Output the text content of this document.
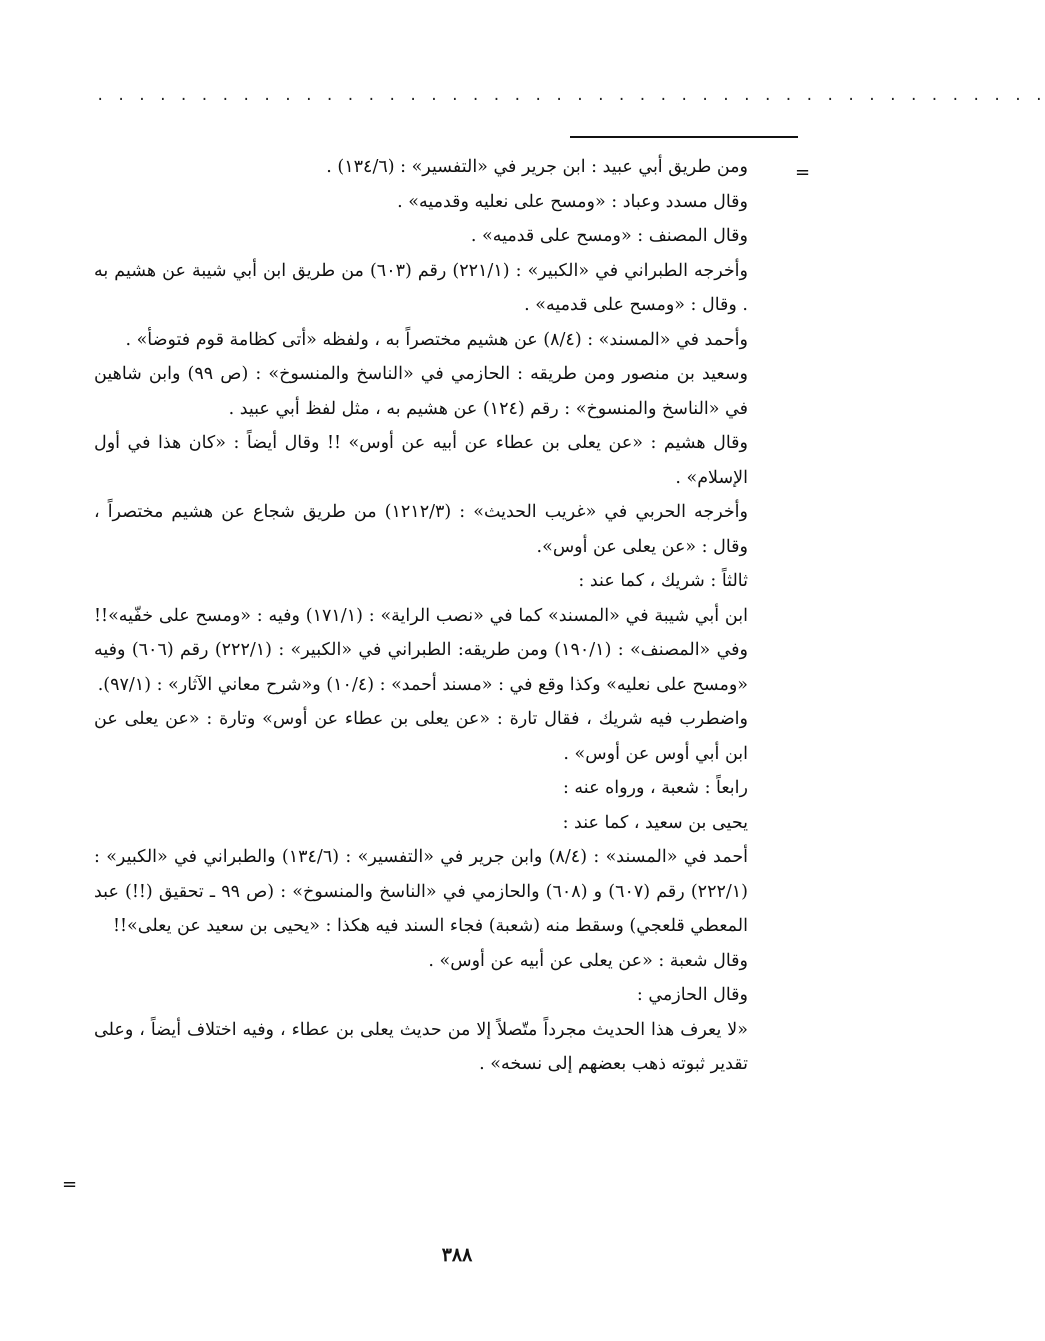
· · · · · · · · · · · · · · · · · · · · · · · · · · · · · · · · · · · · · · · · · · · · · ·
=
=

ومن طريق أبي عبيد : ابن جرير في «التفسير» : (١٣٤/٦) .

وقال مسدد وعباد : «ومسح على نعليه وقدميه» .

وقال المصنف : «ومسح على قدميه» .

وأخرجه الطبراني في «الكبير» : (٢٢١/١) رقم (٦٠٣) من طريق ابن أبي شيبة عن هشيم به . وقال : «ومسح على قدميه» .

وأحمد في «المسند» : (٨/٤) عن هشيم مختصراً به ، ولفظه «أتى كظامة قوم فتوضأ» .

وسعيد بن منصور ومن طريقه : الحازمي في «الناسخ والمنسوخ» : (ص ٩٩) وابن شاهين في «الناسخ والمنسوخ» : رقم (١٢٤) عن هشيم به ، مثل لفظ أبي عبيد .

وقال هشيم : «عن يعلى بن عطاء عن أبيه عن أوس» !! وقال أيضاً : «كان هذا في أول الإسلام» .

وأخرجه الحربي في «غريب الحديث» : (١٢١٢/٣) من طريق شجاع عن هشيم مختصراً ، وقال : «عن يعلى عن أوس».

ثالثاً : شريك ، كما عند :

ابن أبي شيبة في «المسند» كما في «نصب الراية» : (١٧١/١) وفيه : «ومسح على خفّيه»!! وفي «المصنف» : (١٩٠/١) ومن طريقه: الطبراني في «الكبير» : (٢٢٢/١) رقم (٦٠٦) وفيه «ومسح على نعليه» وكذا وقع في : «مسند أحمد» : (١٠/٤) و«شرح معاني الآثار» : (٩٧/١).

واضطرب فيه شريك ، فقال تارة : «عن يعلى بن عطاء عن أوس» وتارة : «عن يعلى عن ابن أبي أوس عن أوس» .

رابعاً : شعبة ، ورواه عنه :

يحيى بن سعيد ، كما عند :

أحمد في «المسند» : (٨/٤) وابن جرير في «التفسير» : (١٣٤/٦) والطبراني في «الكبير» : (٢٢٢/١) رقم (٦٠٧) و (٦٠٨) والحازمي في «الناسخ والمنسوخ» : (ص ٩٩ ـ تحقيق (!!) عبد المعطي قلعجي) وسقط منه (شعبة) فجاء السند فيه هكذا : «يحيى بن سعيد عن يعلى»!!

وقال شعبة : «عن يعلى عن أبيه عن أوس» .

وقال الحازمي :

«لا يعرف هذا الحديث مجرداً متّصلاً إلا من حديث يعلى بن عطاء ، وفيه اختلاف أيضاً ، وعلى تقدير ثبوته ذهب بعضهم إلى نسخه» .

٣٨٨
